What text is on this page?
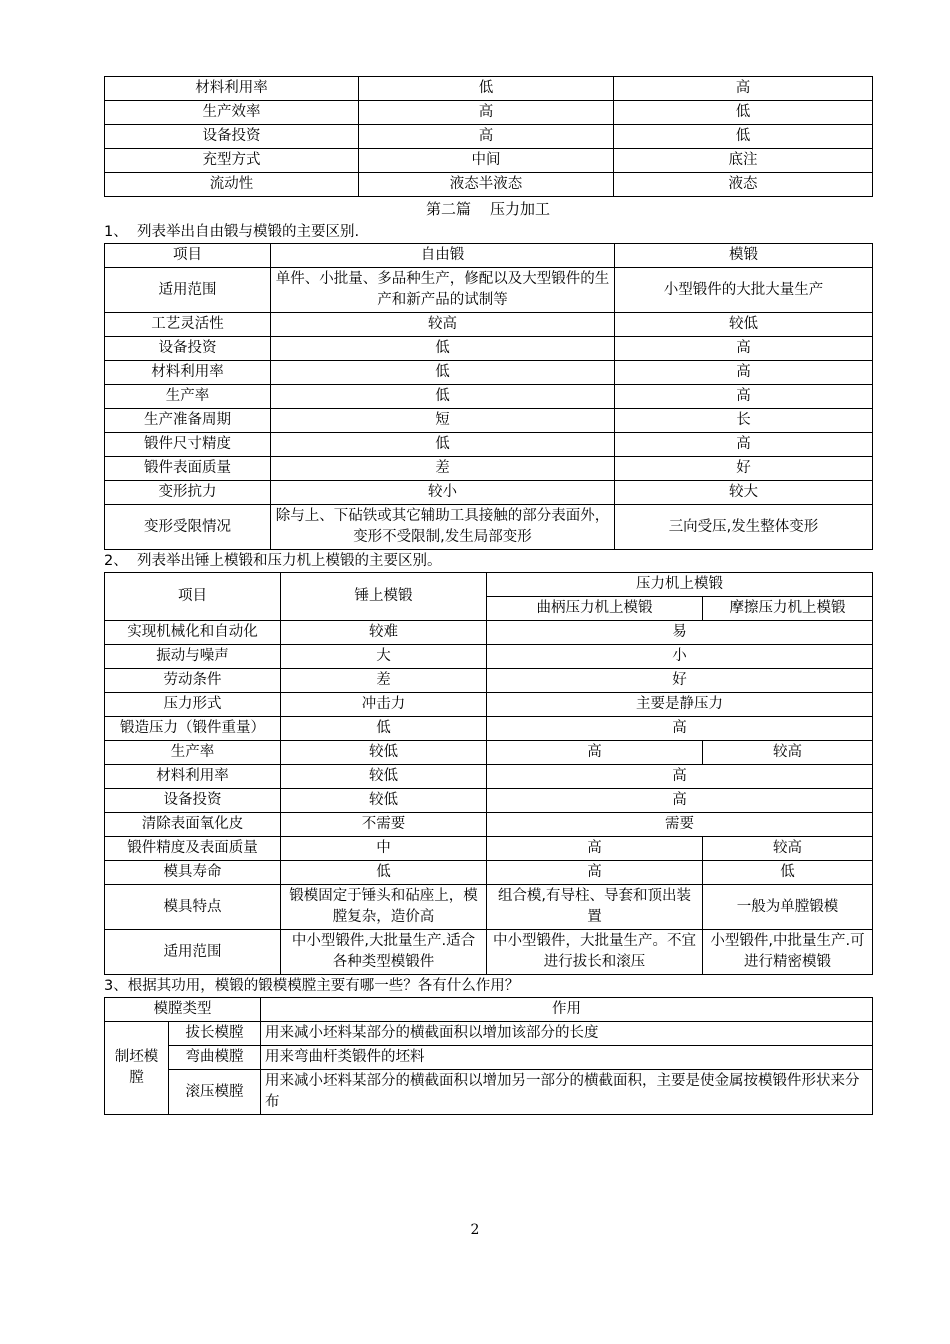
材料利用率	低	高
生产效率	高	低
设备投资	高	低
充型方式	中间	底注
流动性	液态半液态	液态
第二篇    压力加工
1、  列表举出自由锻与模锻的主要区别.
项目	自由锻	模锻
适用范围	单件、小批量、多品种生产，修配以及大型锻件的生产和新产品的试制等	小型锻件的大批大量生产
工艺灵活性	较高	较低
设备投资	低	高
材料利用率	低	高
生产率	低	高
生产准备周期	短	长
锻件尺寸精度	低	高
锻件表面质量	差	好
变形抗力	较小	较大
变形受限情况	除与上、下砧铁或其它辅助工具接触的部分表面外，变形不受限制,发生局部变形	三向受压,发生整体变形
2、  列表举出锤上模锻和压力机上模锻的主要区别。
项目	锤上模锻	压力机上模锻	
		曲柄压力机上模锻	摩擦压力机上模锻
实现机械化和自动化	较难	易	
振动与噪声	大	小	
劳动条件	差	好	
压力形式	冲击力	主要是静压力	
锻造压力（锻件重量）	低	高	
生产率	较低	高	较高
材料利用率	较低	高	
设备投资	较低	高	
清除表面氧化皮	不需要	需要	
锻件精度及表面质量	中	高	较高
模具寿命	低	高	低
模具特点	锻模固定于锤头和砧座上，模膛复杂，造价高	组合模,有导柱、导套和顶出装置	一般为单膛锻模
适用范围	中小型锻件,大批量生产.适合各种类型模锻件	中小型锻件，大批量生产。不宜进行拔长和滚压	小型锻件,中批量生产.可进行精密模锻
3、根据其功用，模锻的锻模模膛主要有哪一些？各有什么作用？
模膛类型		作用
制坯模膛	拔长模膛	用来减小坯料某部分的横截面积以增加该部分的长度
	弯曲模膛	用来弯曲杆类锻件的坯料
	滚压模膛	用来减小坯料某部分的横截面积以增加另一部分的横截面积，主要是使金属按模锻件形状来分布
2
